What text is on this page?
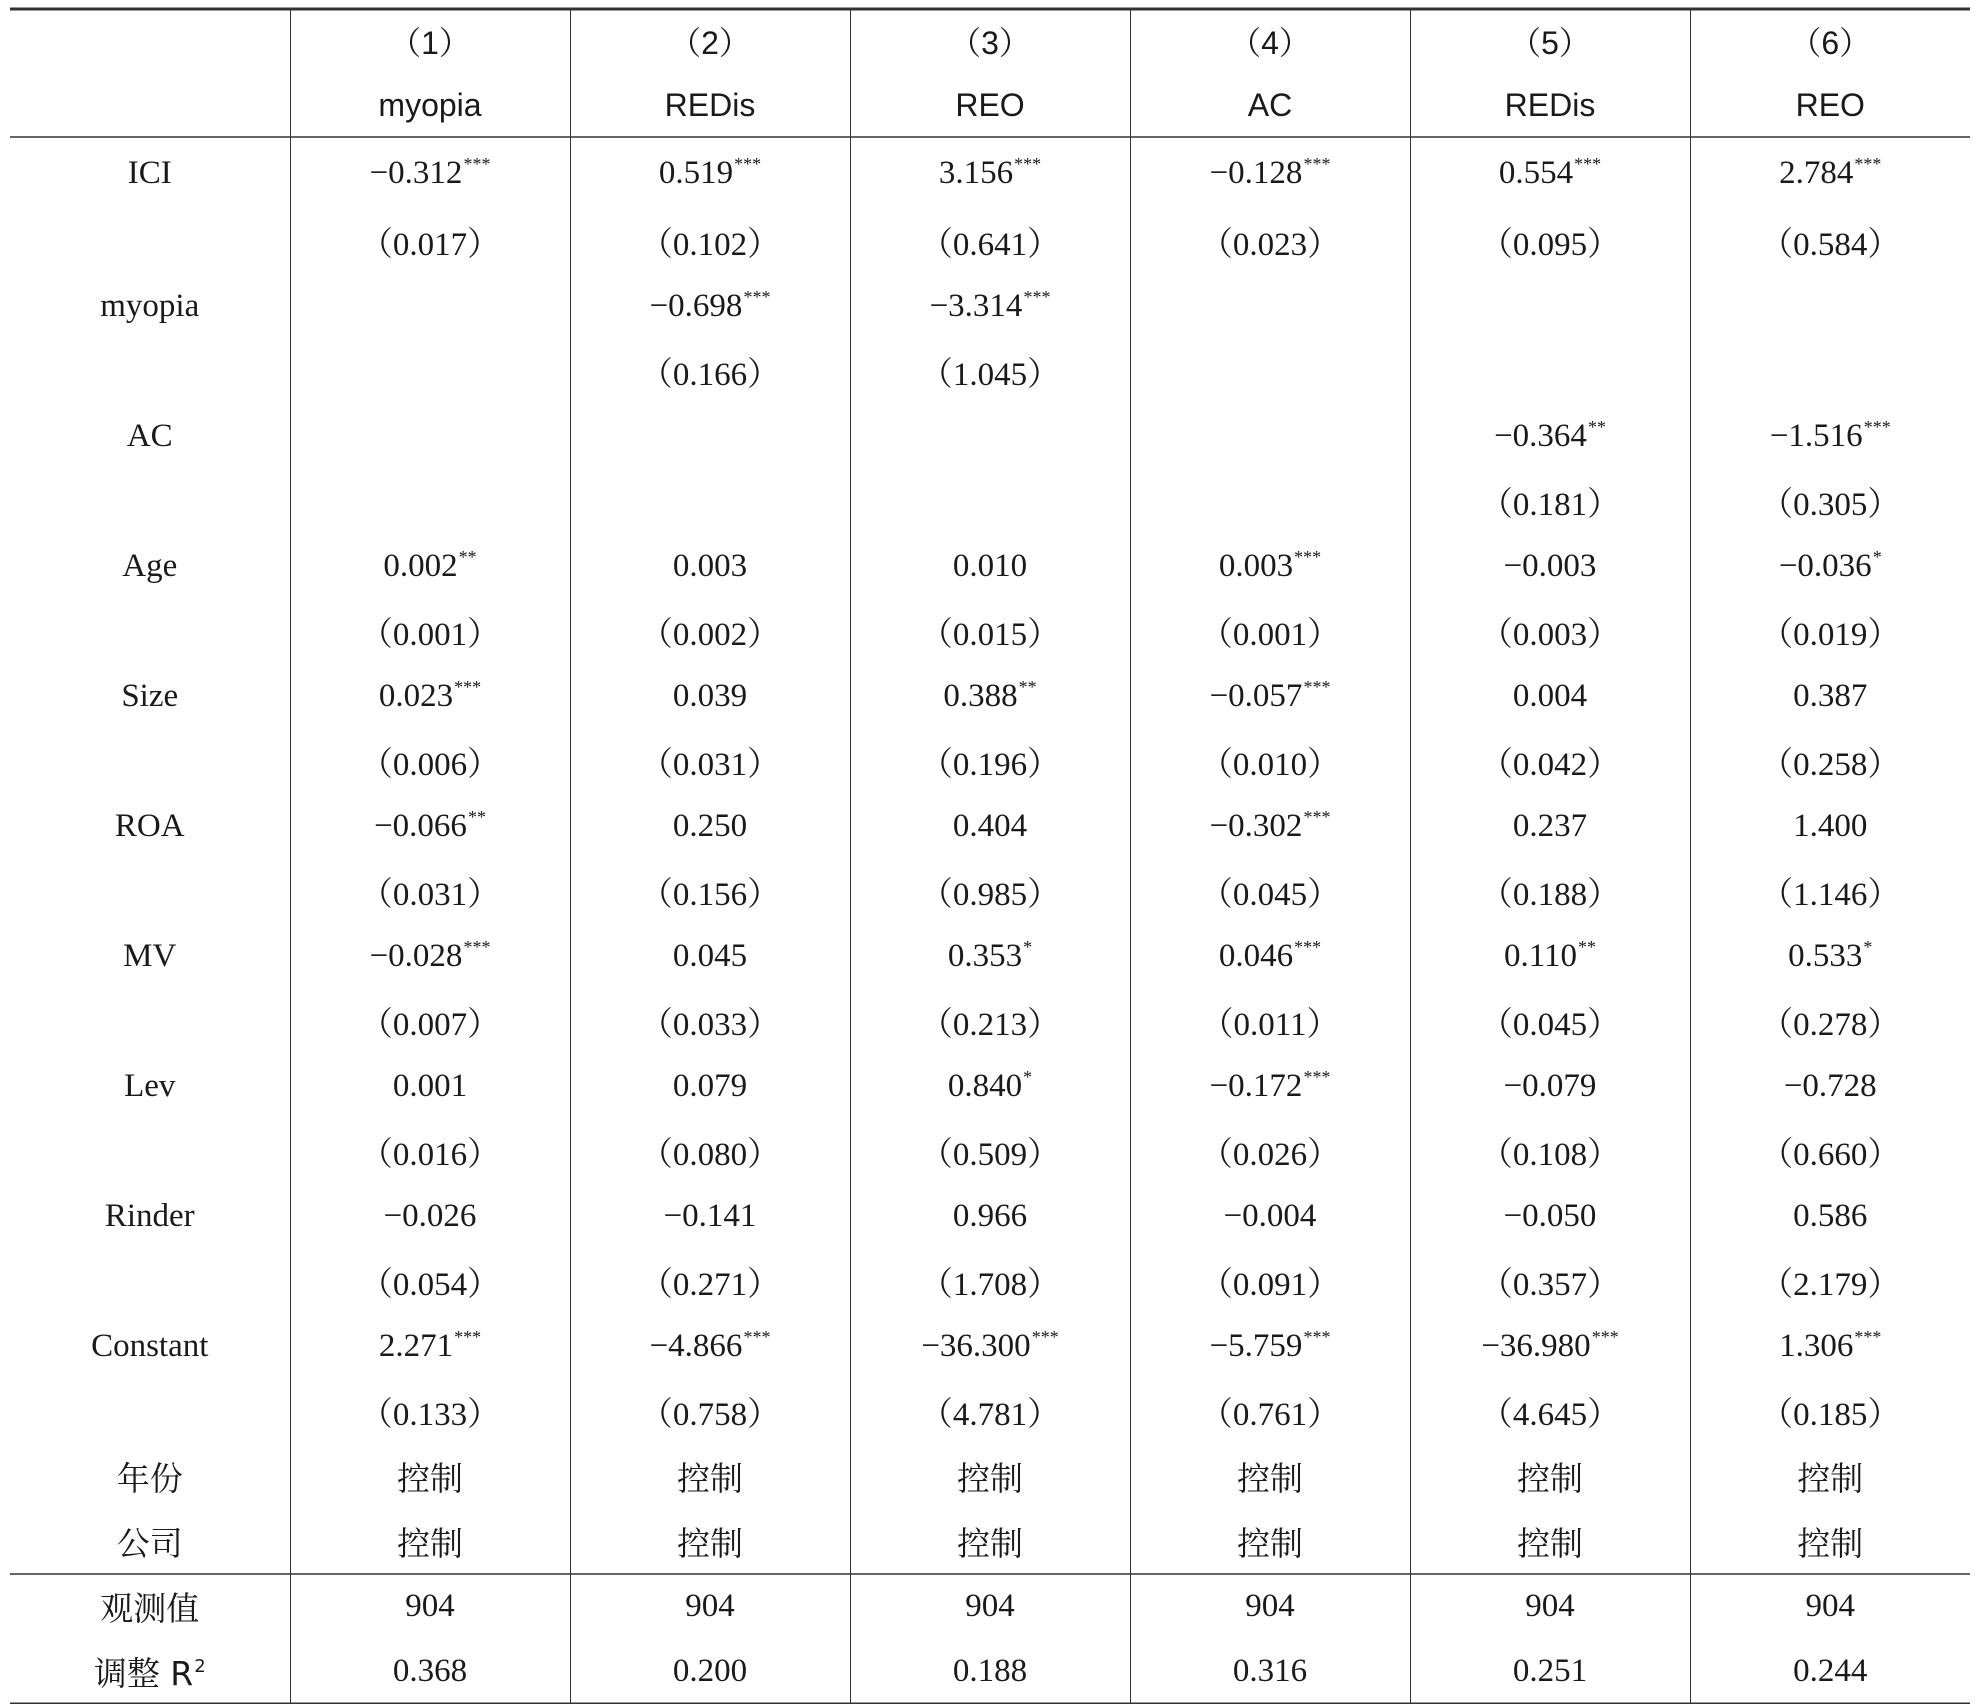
	（1）	（2）	（3）	（4）	（5）	（6）
	myopia	REDis	REO	AC	REDis	REO
ICI	−0.312***	0.519***	3.156***	−0.128***	0.554***	2.784***
	（0.017）	（0.102）	（0.641）	（0.023）	（0.095）	（0.584）
myopia		−0.698***	−3.314***			
		（0.166）	（1.045）			
AC					−0.364**	−1.516***
					（0.181）	（0.305）
Age	0.002**	0.003	0.010	0.003***	−0.003	−0.036*
	（0.001）	（0.002）	（0.015）	（0.001）	（0.003）	（0.019）
Size	0.023***	0.039	0.388**	−0.057***	0.004	0.387
	（0.006）	（0.031）	（0.196）	（0.010）	（0.042）	（0.258）
ROA	−0.066**	0.250	0.404	−0.302***	0.237	1.400
	（0.031）	（0.156）	（0.985）	（0.045）	（0.188）	（1.146）
MV	−0.028***	0.045	0.353*	0.046***	0.110**	0.533*
	（0.007）	（0.033）	（0.213）	（0.011）	（0.045）	（0.278）
Lev	0.001	0.079	0.840*	−0.172***	−0.079	−0.728
	（0.016）	（0.080）	（0.509）	（0.026）	（0.108）	（0.660）
Rinder	−0.026	−0.141	0.966	−0.004	−0.050	0.586
	（0.054）	（0.271）	（1.708）	（0.091）	（0.357）	（2.179）
Constant	2.271***	−4.866***	−36.300***	−5.759***	−36.980***	1.306***
	（0.133）	（0.758）	（4.781）	（0.761）	（4.645）	（0.185）
年份	控制	控制	控制	控制	控制	控制
公司	控制	控制	控制	控制	控制	控制
观测值	904	904	904	904	904	904
调整 $R^2$	0.368	0.200	0.188	0.316	0.251	0.244
